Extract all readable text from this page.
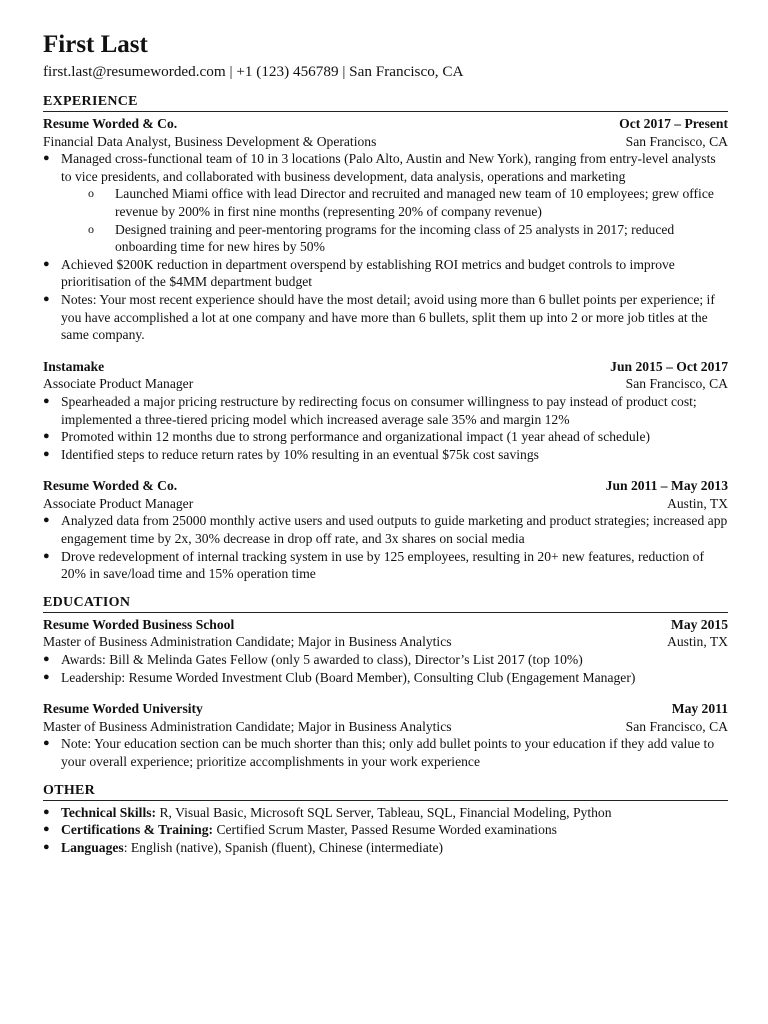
First Last
first.last@resumeworded.com | +1 (123) 456789 | San Francisco, CA
EXPERIENCE
Resume Worded & Co.	Oct 2017 – Present
Financial Data Analyst, Business Development & Operations	San Francisco, CA
● Managed cross-functional team of 10 in 3 locations (Palo Alto, Austin and New York), ranging from entry-level analysts to vice presidents, and collaborated with business development, data analysis, operations and marketing
o Launched Miami office with lead Director and recruited and managed new team of 10 employees; grew office revenue by 200% in first nine months (representing 20% of company revenue)
o Designed training and peer-mentoring programs for the incoming class of 25 analysts in 2017; reduced onboarding time for new hires by 50%
● Achieved $200K reduction in department overspend by establishing ROI metrics and budget controls to improve prioritisation of the $4MM department budget
● Notes: Your most recent experience should have the most detail; avoid using more than 6 bullet points per experience; if you have accomplished a lot at one company and have more than 6 bullets, split them up into 2 or more job titles at the same company.
Instamake	Jun 2015 – Oct 2017
Associate Product Manager	San Francisco, CA
● Spearheaded a major pricing restructure by redirecting focus on consumer willingness to pay instead of product cost; implemented a three-tiered pricing model which increased average sale 35% and margin 12%
● Promoted within 12 months due to strong performance and organizational impact (1 year ahead of schedule)
● Identified steps to reduce return rates by 10% resulting in an eventual $75k cost savings
Resume Worded & Co.	Jun 2011 – May 2013
Associate Product Manager	Austin, TX
● Analyzed data from 25000 monthly active users and used outputs to guide marketing and product strategies; increased app engagement time by 2x, 30% decrease in drop off rate, and 3x shares on social media
● Drove redevelopment of internal tracking system in use by 125 employees, resulting in 20+ new features, reduction of 20% in save/load time and 15% operation time
EDUCATION
Resume Worded Business School	May 2015
Master of Business Administration Candidate; Major in Business Analytics	Austin, TX
● Awards: Bill & Melinda Gates Fellow (only 5 awarded to class), Director’s List 2017 (top 10%)
● Leadership: Resume Worded Investment Club (Board Member), Consulting Club (Engagement Manager)
Resume Worded University	May 2011
Master of Business Administration Candidate; Major in Business Analytics	San Francisco, CA
● Note: Your education section can be much shorter than this; only add bullet points to your education if they add value to your overall experience; prioritize accomplishments in your work experience
OTHER
● Technical Skills: R, Visual Basic, Microsoft SQL Server, Tableau, SQL, Financial Modeling, Python
● Certifications & Training: Certified Scrum Master, Passed Resume Worded examinations
● Languages: English (native), Spanish (fluent), Chinese (intermediate)
